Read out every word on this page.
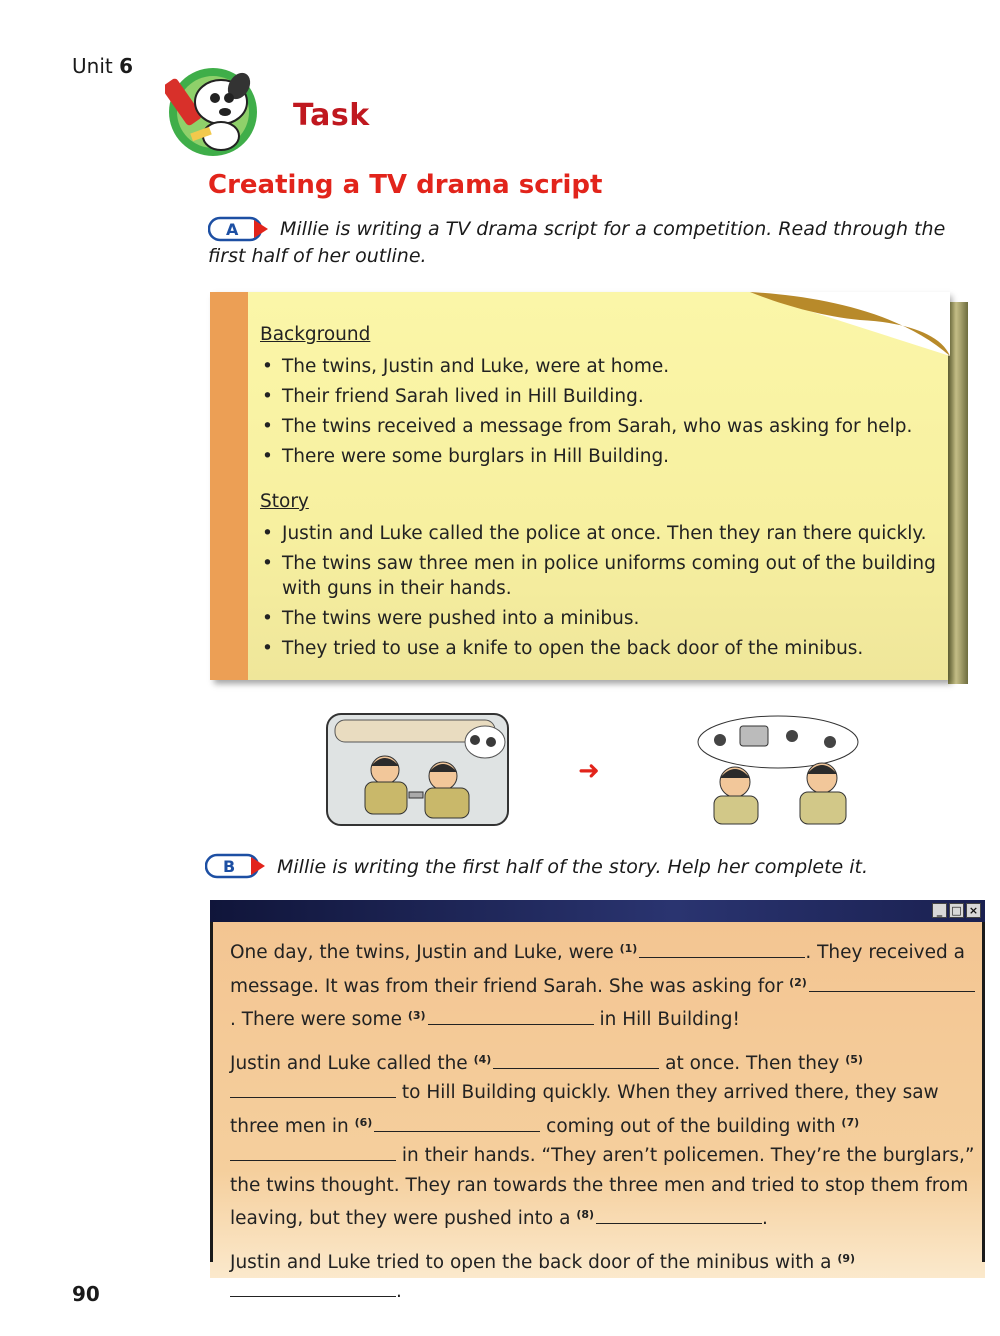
Unit 6
Task
Creating a TV drama script
A	Millie is writing a TV drama script for a competition. Read through the first half of her outline.
Background
• The twins, Justin and Luke, were at home.
• Their friend Sarah lived in Hill Building.
• The twins received a message from Sarah, who was asking for help.
• There were some burglars in Hill Building.
Story
• Justin and Luke called the police at once. Then they ran there quickly.
• The twins saw three men in police uniforms coming out of the building with guns in their hands.
• The twins were pushed into a minibus.
• They tried to use a knife to open the back door of the minibus.
➜
B Millie is writing the first half of the story. Help her complete it.
_ □ ×

One day, the twins, Justin and Luke, were $^{(1)}$	. They received a message. It was from their friend Sarah. She was asking for $^{(2)}$. There were some $^{(3)}$	in Hill Building!

Justin and Luke called the $^{(4)}$	at once. Then they $^{(5)}$ to Hill Building quickly. When they arrived there, they saw three men in $^{(6)}$	coming out of the building with $^{(7)}$ in their hands. “They aren’t policemen. They’re the burglars,” the twins thought. They ran towards the three men and tried to stop them from leaving, but they were pushed into a $^{(8)}$	.

Justin and Luke tried to open the back door of the minibus with a $^{(9)}$.

90
